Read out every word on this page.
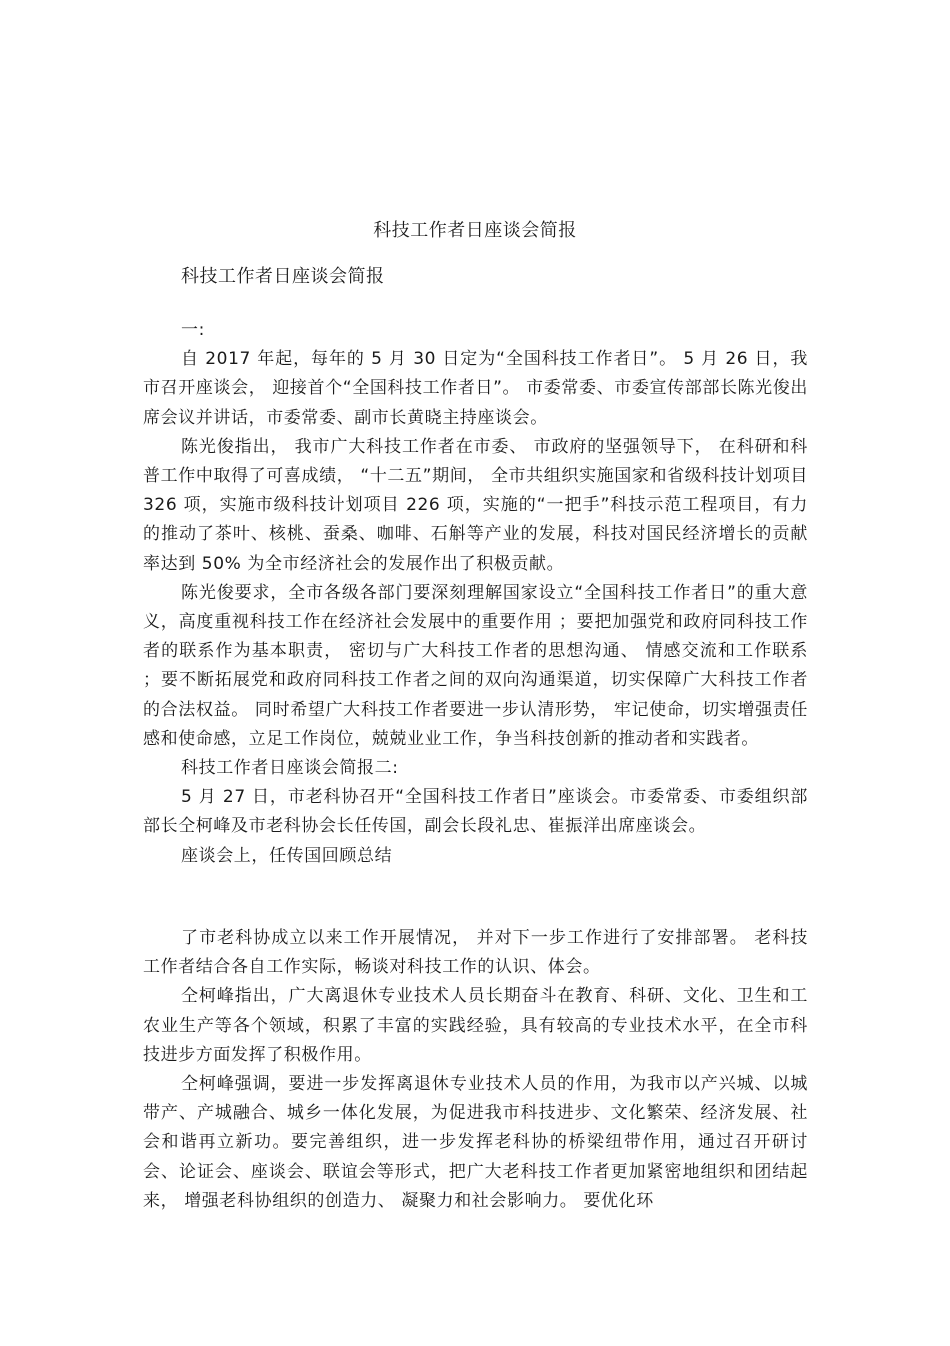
科技工作者日座谈会简报
科技工作者日座谈会简报

一:

自 2017 年起，每年的 5 月 30 日定为“全国科技工作者日”。 5 月 26 日，我市召开座谈会， 迎接首个“全国科技工作者日”。 市委常委、市委宣传部部长陈光俊出席会议并讲话，市委常委、副市长黄晓主持座谈会。

陈光俊指出， 我市广大科技工作者在市委、 市政府的坚强领导下， 在科研和科普工作中取得了可喜成绩， “十二五”期间， 全市共组织实施国家和省级科技计划项目 326 项，实施市级科技计划项目 226 项，实施的“一把手”科技示范工程项目，有力的推动了茶叶、核桃、蚕桑、咖啡、石斛等产业的发展，科技对国民经济增长的贡献率达到 50% 为全市经济社会的发展作出了积极贡献。

陈光俊要求，全市各级各部门要深刻理解国家设立“全国科技工作者日”的重大意义，高度重视科技工作在经济社会发展中的重要作用 ；要把加强党和政府同科技工作者的联系作为基本职责， 密切与广大科技工作者的思想沟通、 情感交流和工作联系 ；要不断拓展党和政府同科技工作者之间的双向沟通渠道，切实保障广大科技工作者的合法权益。 同时希望广大科技工作者要进一步认清形势， 牢记使命，切实增强责任感和使命感，立足工作岗位，兢兢业业工作，争当科技创新的推动者和实践者。

科技工作者日座谈会简报二:

5 月 27 日，市老科协召开“全国科技工作者日”座谈会。市委常委、市委组织部部长仝柯峰及市老科协会长任传国，副会长段礼忠、崔振洋出席座谈会。

座谈会上，任传国回顾总结

了市老科协成立以来工作开展情况， 并对下一步工作进行了安排部署。 老科技工作者结合各自工作实际，畅谈对科技工作的认识、体会。

仝柯峰指出，广大离退休专业技术人员长期奋斗在教育、科研、文化、卫生和工农业生产等各个领域，积累了丰富的实践经验，具有较高的专业技术水平，在全市科技进步方面发挥了积极作用。

仝柯峰强调，要进一步发挥离退休专业技术人员的作用，为我市以产兴城、以城带产、产城融合、城乡一体化发展，为促进我市科技进步、文化繁荣、经济发展、社会和谐再立新功。要完善组织，进一步发挥老科协的桥梁纽带作用，通过召开研讨会、论证会、座谈会、联谊会等形式，把广大老科技工作者更加紧密地组织和团结起来， 增强老科协组织的创造力、 凝聚力和社会影响力。 要优化环
